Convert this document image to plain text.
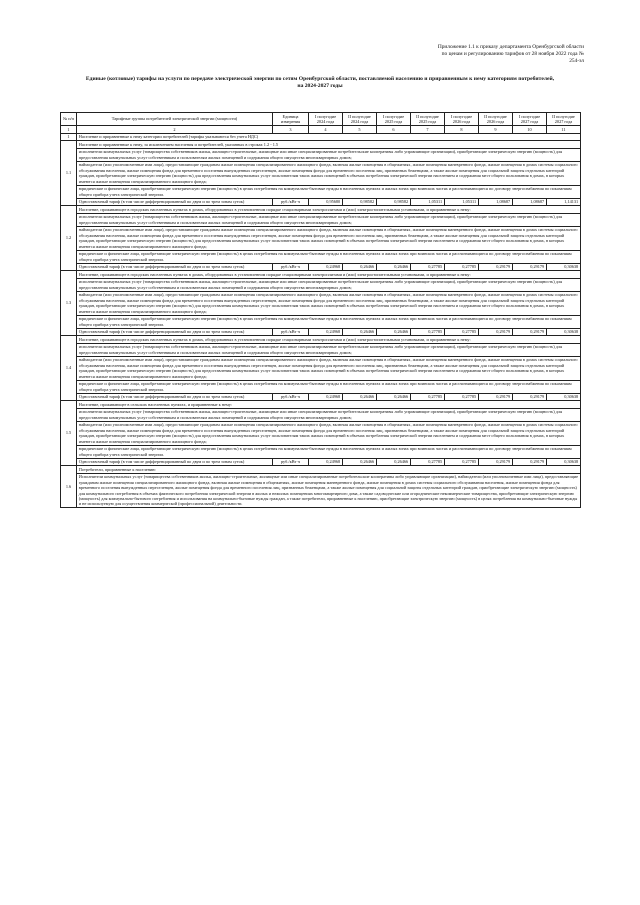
Приложение 1.1 к приказу департамента Оренбургской области
по ценам и регулированию тарифов от 28 ноября 2022 года №
254-эл
Единые (котловые) тарифы на услуги по передаче электрической энергии по сетям Оренбургской области, поставляемой населению и приравненным к нему категориям потребителей,
на 2024-2027 годы
№ п/п	Тарифные группы потребителей электрической энергии (мощности)	Единица измерения	I полугодие 2024 года	II полугодие 2024 года	I полугодие 2025 года	II полугодие 2025 года	I полугодие 2026 года	II полугодие 2026 года	I полугодие 2027 года	II полугодие 2027 года
1	2	3	4	5	6	7	8	9	10	11
1	Население и приравненные к нему категории потребителей (тарифы указываются без учета НДС)									
1.1	Население и приравненные к нему, за исключением населения и потребителей, указанных в строках 1.2 - 1.5									
	исполнители коммунальных услуг (товарищества собственников жилья, жилищно-строительные, жилищные или иные специализированные потребительские кооперативы либо управляющие организации), приобретающие электрическую энергию (мощность) для предоставления коммунальных услуг собственникам и пользователям жилых помещений и содержания общего имущества многоквартирных домов;									
	наймодатели (или уполномоченные ими лица), предоставляющие гражданам жилые помещения специализированного жилищного фонда, включая жилые помещения в общежитиях, жилые помещения маневренного фонда, жилые помещения в домах системы социального обслуживания населения, жилые помещения фонда для временного поселения вынужденных переселенцев, жилые помещения фонда для временного поселения лиц, признанных беженцами, а также жилые помещения для социальной защиты отдельных категорий граждан, приобретающие электрическую энергию (мощность) для предоставления коммунальных услуг пользователям таких жилых помещений в объемах потребления электрической энергии населением и содержания мест общего пользования в домах, в которых имеются жилые помещения специализированного жилищного фонда;									
	юридические и физические лица, приобретающие электрическую энергию (мощность) в целях потребления на коммунально-бытовые нужды в населенных пунктах и жилых зонах при воинских частях и рассчитывающиеся по договору энергоснабжения по показаниям общего прибора учета электрической энергии.									
	Одноставочный тариф (в том числе дифференцированный по двум и по трем зонам суток)	руб./кВт·ч	0,95680	0,98582	0,98582	1,05311	1,05311	1,08687	1,08687	1,14131
1.2	Население, проживающее в городских населенных пунктах в домах, оборудованных в установленном порядке стационарными электроплитами и (или) электроотопительными установками, и приравненные к нему:									
	исполнители коммунальных услуг (товарищества собственников жилья, жилищно-строительные, жилищные или иные специализированные потребительские кооперативы либо управляющие организации), приобретающие электрическую энергию (мощность) для предоставления коммунальных услуг собственникам и пользователям жилых помещений и содержания общего имущества многоквартирных домов;									
	наймодатели (или уполномоченные ими лица), предоставляющие гражданам жилые помещения специализированного жилищного фонда, включая жилые помещения в общежитиях, жилые помещения маневренного фонда, жилые помещения в домах системы социального обслуживания населения, жилые помещения фонда для временного поселения вынужденных переселенцев, жилые помещения фонда для временного поселения лиц, признанных беженцами, а также жилые помещения для социальной защиты отдельных категорий граждан, приобретающие электрическую энергию (мощность) для предоставления коммунальных услуг пользователям таких жилых помещений в объемах потребления электрической энергии населением и содержания мест общего пользования в домах, в которых имеются жилые помещения специализированного жилищного фонда;									
	юридические и физические лица, приобретающие электрическую энергию (мощность) в целях потребления на коммунально-бытовые нужды в населенных пунктах и жилых зонах при воинских частях и рассчитывающиеся по договору энергоснабжения по показаниям общего прибора учета электрической энергии.									
	Одноставочный тариф (в том числе дифференцированный по двум и по трем зонам суток)	руб./кВт·ч	0,24968	0,26466	0,26466	0,27785	0,27785	0,29179	0,29179	0,30638
1.3	Население, проживающее в городских населенных пунктах в домах, оборудованных в установленном порядке стационарными электроплитами и (или) электроотопительными установками, и приравненные к нему:									
	исполнители коммунальных услуг (товарищества собственников жилья, жилищно-строительные, жилищные или иные специализированные потребительские кооперативы либо управляющие организации), приобретающие электрическую энергию (мощность) для предоставления коммунальных услуг собственникам и пользователям жилых помещений и содержания общего имущества многоквартирных домов;									
	наймодатели (или уполномоченные ими лица), предоставляющие гражданам жилые помещения специализированного жилищного фонда, включая жилые помещения в общежитиях, жилые помещения маневренного фонда, жилые помещения в домах системы социального обслуживания населения, жилые помещения фонда для временного поселения вынужденных переселенцев, жилые помещения фонда для временного поселения лиц, признанных беженцами, а также жилые помещения для социальной защиты отдельных категорий граждан, приобретающие электрическую энергию (мощность) для предоставления коммунальных услуг пользователям таких жилых помещений в объемах потребления электрической энергии населением и содержания мест общего пользования в домах, в которых имеются жилые помещения специализированного жилищного фонда;									
	юридические и физические лица, приобретающие электрическую энергию (мощность) в целях потребления на коммунально-бытовые нужды в населенных пунктах и жилых зонах при воинских частях и рассчитывающиеся по договору энергоснабжения по показаниям общего прибора учета электрической энергии.									
	Одноставочный тариф (в том числе дифференцированный по двум и по трем зонам суток)	руб./кВт·ч	0,24968	0,26466	0,26466	0,27785	0,27785	0,29179	0,29179	0,30638
1.4	Население, проживающее в городских населенных пунктах в домах, оборудованных в установленном порядке стационарными электроплитами и (или) электроотопительными установками, и приравненные к нему:									
	исполнители коммунальных услуг (товарищества собственников жилья, жилищно-строительные, жилищные или иные специализированные потребительские кооперативы либо управляющие организации), приобретающие электрическую энергию (мощность) для предоставления коммунальных услуг собственникам и пользователям жилых помещений и содержания общего имущества многоквартирных домов;									
	наймодатели (или уполномоченные ими лица), предоставляющие гражданам жилые помещения специализированного жилищного фонда, включая жилые помещения в общежитиях, жилые помещения маневренного фонда, жилые помещения в домах системы социального обслуживания населения, жилые помещения фонда для временного поселения вынужденных переселенцев, жилые помещения фонда для временного поселения лиц, признанных беженцами, а также жилые помещения для социальной защиты отдельных категорий граждан, приобретающие электрическую энергию (мощность) для предоставления коммунальных услуг пользователям таких жилых помещений в объемах потребления электрической энергии населением и содержания мест общего пользования в домах, в которых имеются жилые помещения специализированного жилищного фонда;									
	юридические и физические лица, приобретающие электрическую энергию (мощность) в целях потребления на коммунально-бытовые нужды в населенных пунктах и жилых зонах при воинских частях и рассчитывающиеся по договору энергоснабжения по показаниям общего прибора учета электрической энергии.									
	Одноставочный тариф (в том числе дифференцированный по двум и по трем зонам суток)	руб./кВт·ч	0,24968	0,26466	0,26466	0,27785	0,27785	0,29179	0,29179	0,30638
1.5	Население, проживающее в сельских населенных пунктах, и приравненные к нему:									
	исполнители коммунальных услуг (товарищества собственников жилья, жилищно-строительные, жилищные или иные специализированные потребительские кооперативы либо управляющие организации), приобретающие электрическую энергию (мощность) для предоставления коммунальных услуг собственникам и пользователям жилых помещений и содержания общего имущества многоквартирных домов;									
	наймодатели (или уполномоченные ими лица), предоставляющие гражданам жилые помещения специализированного жилищного фонда, включая жилые помещения в общежитиях, жилые помещения маневренного фонда, жилые помещения в домах системы социального обслуживания населения, жилые помещения фонда для временного поселения вынужденных переселенцев, жилые помещения фонда для временного поселения лиц, признанных беженцами, а также жилые помещения для социальной защиты отдельных категорий граждан, приобретающие электрическую энергию (мощность) для предоставления коммунальных услуг пользователям таких жилых помещений в объемах потребления электрической энергии населением и содержания мест общего пользования в домах, в которых имеются жилые помещения специализированного жилищного фонда;									
	юридические и физические лица, приобретающие электрическую энергию (мощность) в целях потребления на коммунально-бытовые нужды в населенных пунктах и жилых зонах при воинских частях и рассчитывающиеся по договору энергоснабжения по показаниям общего прибора учета электрической энергии.									
	Одноставочный тариф (в том числе дифференцированный по двум и по трем зонам суток)	руб./кВт·ч	0,24968	0,26466	0,26466	0,27785	0,27785	0,29179	0,29179	0,30638
1.6	Потребители, приравненные к населению									
	Исполнители коммунальных услуг (товарищества собственников жилья, жилищно-строительные, жилищные или иные специализированные потребительские кооперативы либо управляющие организации), наймодатели (или уполномоченные ими лица), предоставляющие гражданам жилые помещения специализированного жилищного фонда, включая жилые помещения в общежитиях, жилые помещения маневренного фонда, жилые помещения в домах системы социального обслуживания населения, жилые помещения фонда для временного поселения вынужденных переселенцев, жилые помещения фонда для временного поселения лиц, признанных беженцами, а также жилые помещения для социальной защиты отдельных категорий граждан, приобретающие электрическую энергию (мощность) для коммунального потребления в объемах фактического потребления электрической энергии в жилых и нежилых помещениях многоквартирного дома, а также садоводческие или огороднические некоммерческие товарищества, приобретающие электрическую энергию (мощность) для коммунально-бытового потребления и использования на коммунально-бытовые нужды граждан, а также потребители, приравненные к населению, приобретающие электрическую энергию (мощность) в целях потребления на коммунально-бытовые нужды и не используемую для осуществления коммерческой (профессиональной) деятельности.									
